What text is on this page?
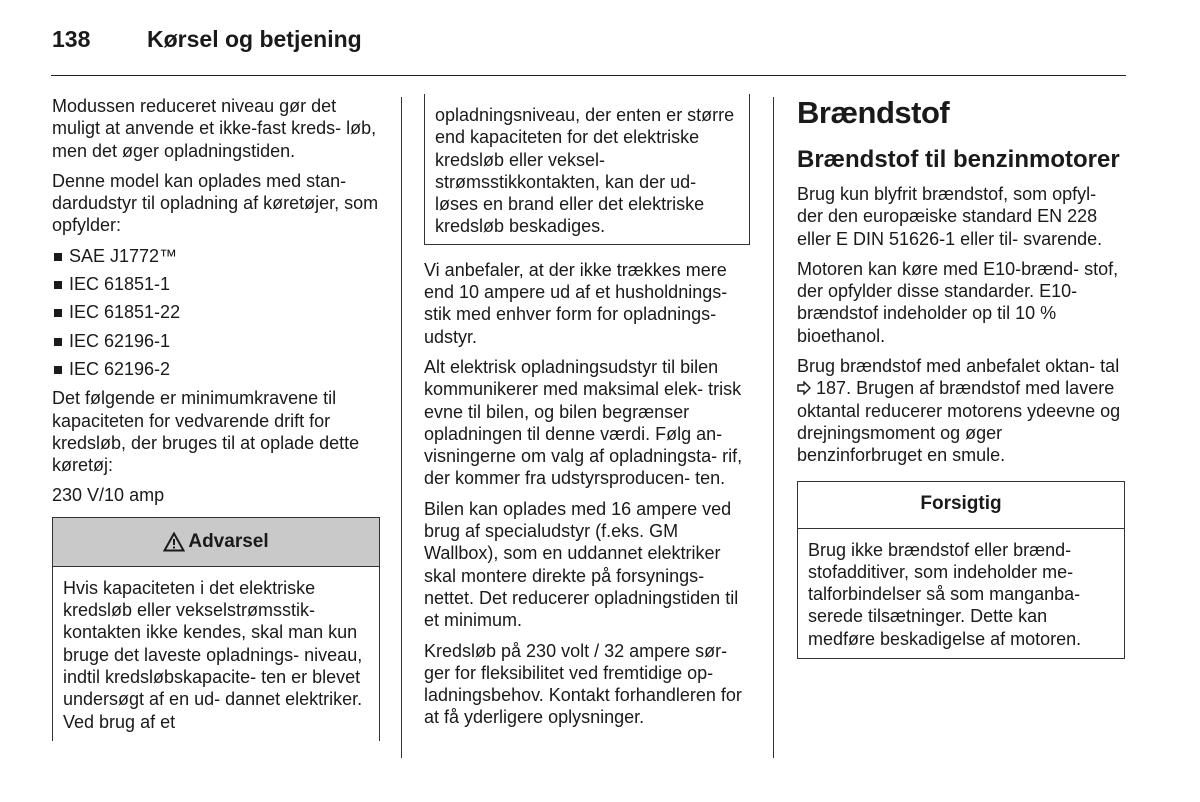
138 Kørsel og betjening

Modussen reduceret niveau gør det muligt at anvende et ikke-fast kreds- løb, men det øger opladningstiden.

Denne model kan oplades med stan- dardudstyr til opladning af køretøjer, som opfylder:

SAE J1772™
IEC 61851-1
IEC 61851-22
IEC 62196-1
IEC 62196-2

Det følgende er minimumkravene til kapaciteten for vedvarende drift for kredsløb, der bruges til at oplade dette køretøj:

230 V/10 amp

Advarsel
Hvis kapaciteten i det elektriske kredsløb eller vekselstrømsstik- kontakten ikke kendes, skal man kun bruge det laveste opladnings- niveau, indtil kredsløbskapacite- ten er blevet undersøgt af en ud- dannet elektriker. Ved brug af et
opladningsniveau, der enten er større end kapaciteten for det elektriske kredsløb eller veksel- strømsstikkontakten, kan der ud- løses en brand eller det elektriske kredsløb beskadiges.

Vi anbefaler, at der ikke trækkes mere end 10 ampere ud af et husholdnings- stik med enhver form for opladnings- udstyr.

Alt elektrisk opladningsudstyr til bilen kommunikerer med maksimal elek- trisk evne til bilen, og bilen begrænser opladningen til denne værdi. Følg an- visningerne om valg af opladningsta- rif, der kommer fra udstyrsproducen- ten.

Bilen kan oplades med 16 ampere ved brug af specialudstyr (f.eks. GM Wallbox), som en uddannet elektriker skal montere direkte på forsynings- nettet. Det reducerer opladningstiden til et minimum.

Kredsløb på 230 volt / 32 ampere sør- ger for fleksibilitet ved fremtidige op- ladningsbehov. Kontakt forhandleren for at få yderligere oplysninger.

Brændstof
Brændstof til benzinmotorer

Brug kun blyfrit brændstof, som opfyl- der den europæiske standard EN 228 eller E DIN 51626-1 eller til- svarende.

Motoren kan køre med E10-brænd- stof, der opfylder disse standarder. E10-brændstof indeholder op til 10 % bioethanol.

Brug brændstof med anbefalet oktan- tal  187. Brugen af brændstof med lavere oktantal reducerer motorens ydeevne og drejningsmoment og øger benzinforbruget en smule.

Forsigtig
Brug ikke brændstof eller brænd- stofadditiver, som indeholder me- talforbindelser så som manganba- serede tilsætninger. Dette kan medføre beskadigelse af motoren.
